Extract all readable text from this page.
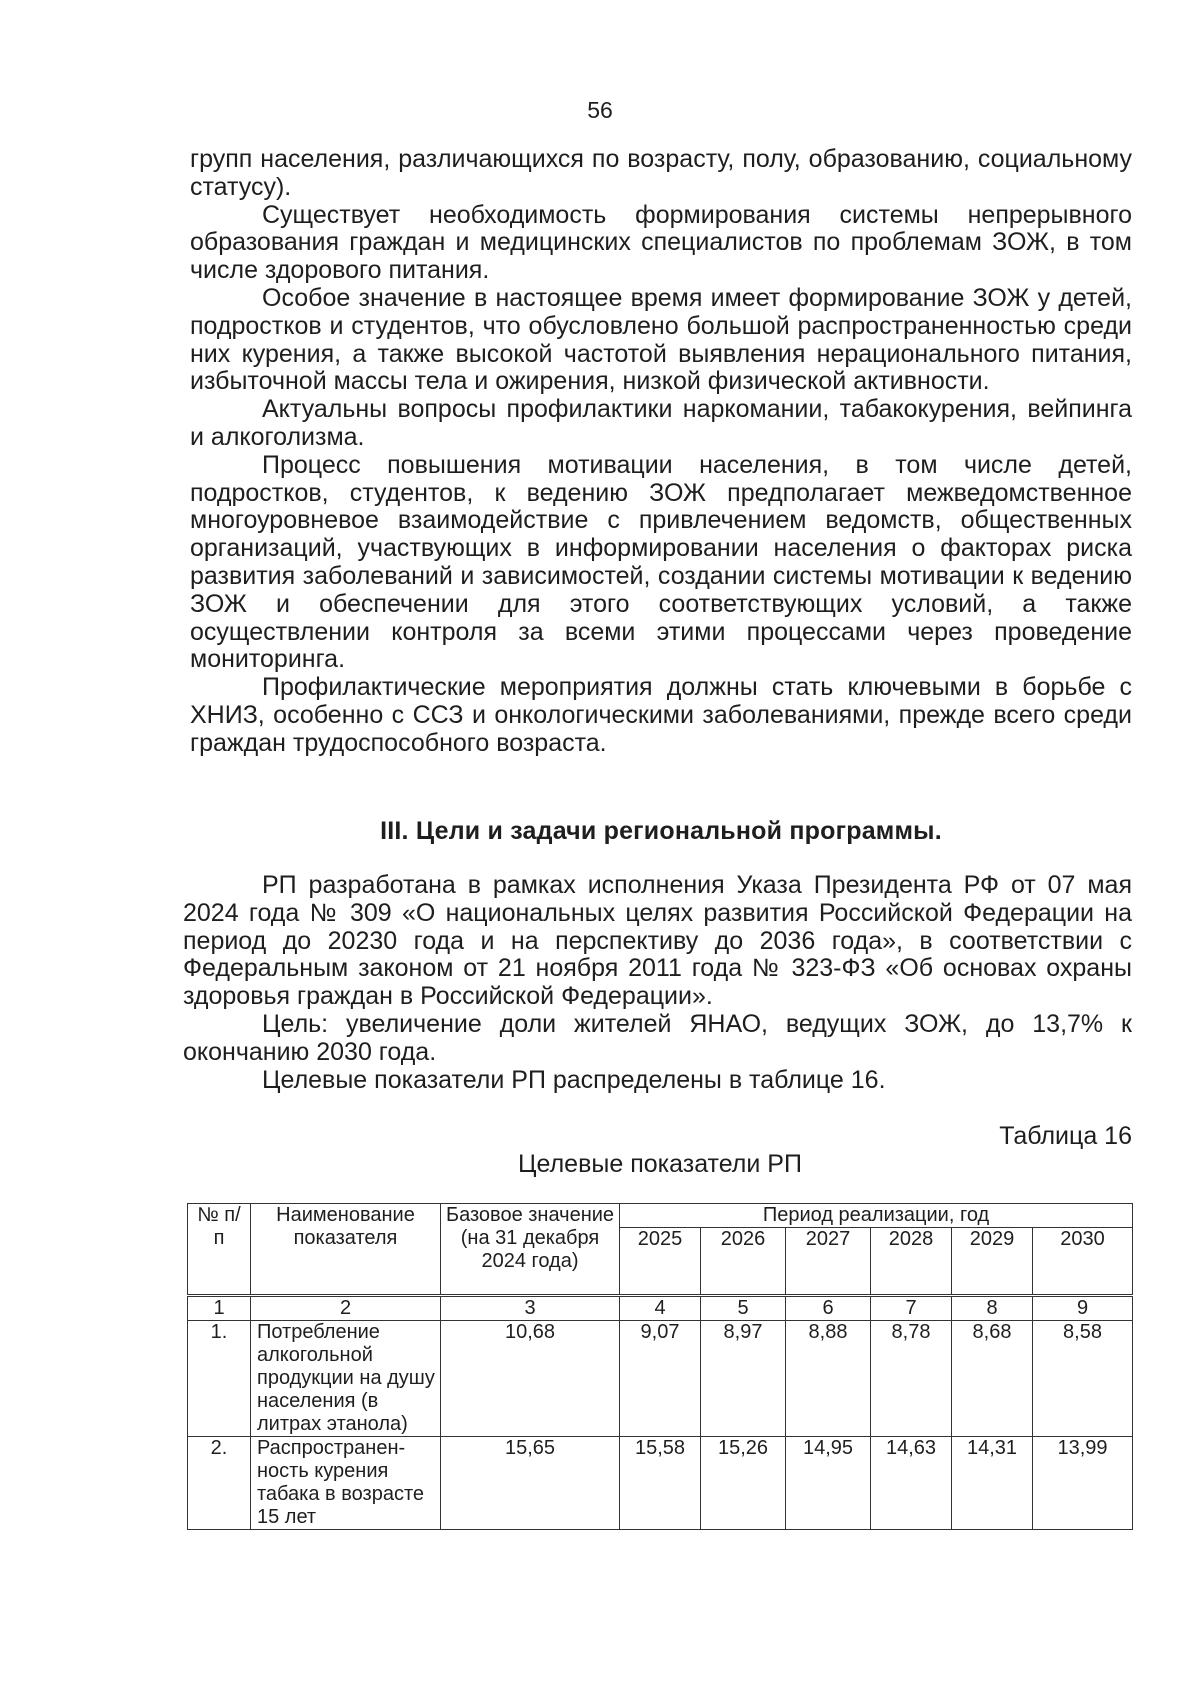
56

групп населения, различающихся по возрасту, полу, образованию, социальному статусу).

Существует необходимость формирования системы непрерывного образования граждан и медицинских специалистов по проблемам ЗОЖ, в том числе здорового питания.

Особое значение в настоящее время имеет формирование ЗОЖ у детей, подростков и студентов, что обусловлено большой распространенностью среди них курения, а также высокой частотой выявления нерационального питания, избыточной массы тела и ожирения, низкой физической активности.

Актуальны вопросы профилактики наркомании, табакокурения, вейпинга и алкоголизма.

Процесс повышения мотивации населения, в том числе детей, подростков, студентов, к ведению ЗОЖ предполагает межведомственное многоуровневое взаимодействие с привлечением ведомств, общественных организаций, участвующих в информировании населения о факторах риска развития заболеваний и зависимостей, создании системы мотивации к ведению ЗОЖ и обеспечении для этого соответствующих условий, а также осуществлении контроля за всеми этими процессами через проведение мониторинга.

Профилактические мероприятия должны стать ключевыми в борьбе с ХНИЗ, особенно с ССЗ и онкологическими заболеваниями, прежде всего среди граждан трудоспособного возраста.

III. Цели и задачи региональной программы.

РП разработана в рамках исполнения Указа Президента РФ от 07 мая 2024 года № 309 «О национальных целях развития Российской Федерации на период до 20230 года и на перспективу до 2036 года», в соответствии с Федеральным законом от 21 ноября 2011 года № 323-ФЗ «Об основах охраны здоровья граждан в Российской Федерации».

Цель: увеличение доли жителей ЯНАО, ведущих ЗОЖ, до 13,7% к окончанию 2030 года.

Целевые показатели РП распределены в таблице 16.

Таблица 16
Целевые показатели РП
№ п/п	Наименование показателя	Базовое значение (на 31 декабря 2024 года)	Период реализации, год					
			2025	2026	2027	2028	2029	2030
1	2	3	4	5	6	7	8	9
1.	Потребление алкогольной продукции на душу населения (в литрах этанола)	10,68	9,07	8,97	8,88	8,78	8,68	8,58
2.	Распространен-ность курения табака в возрасте 15 лет	15,65	15,58	15,26	14,95	14,63	14,31	13,99
